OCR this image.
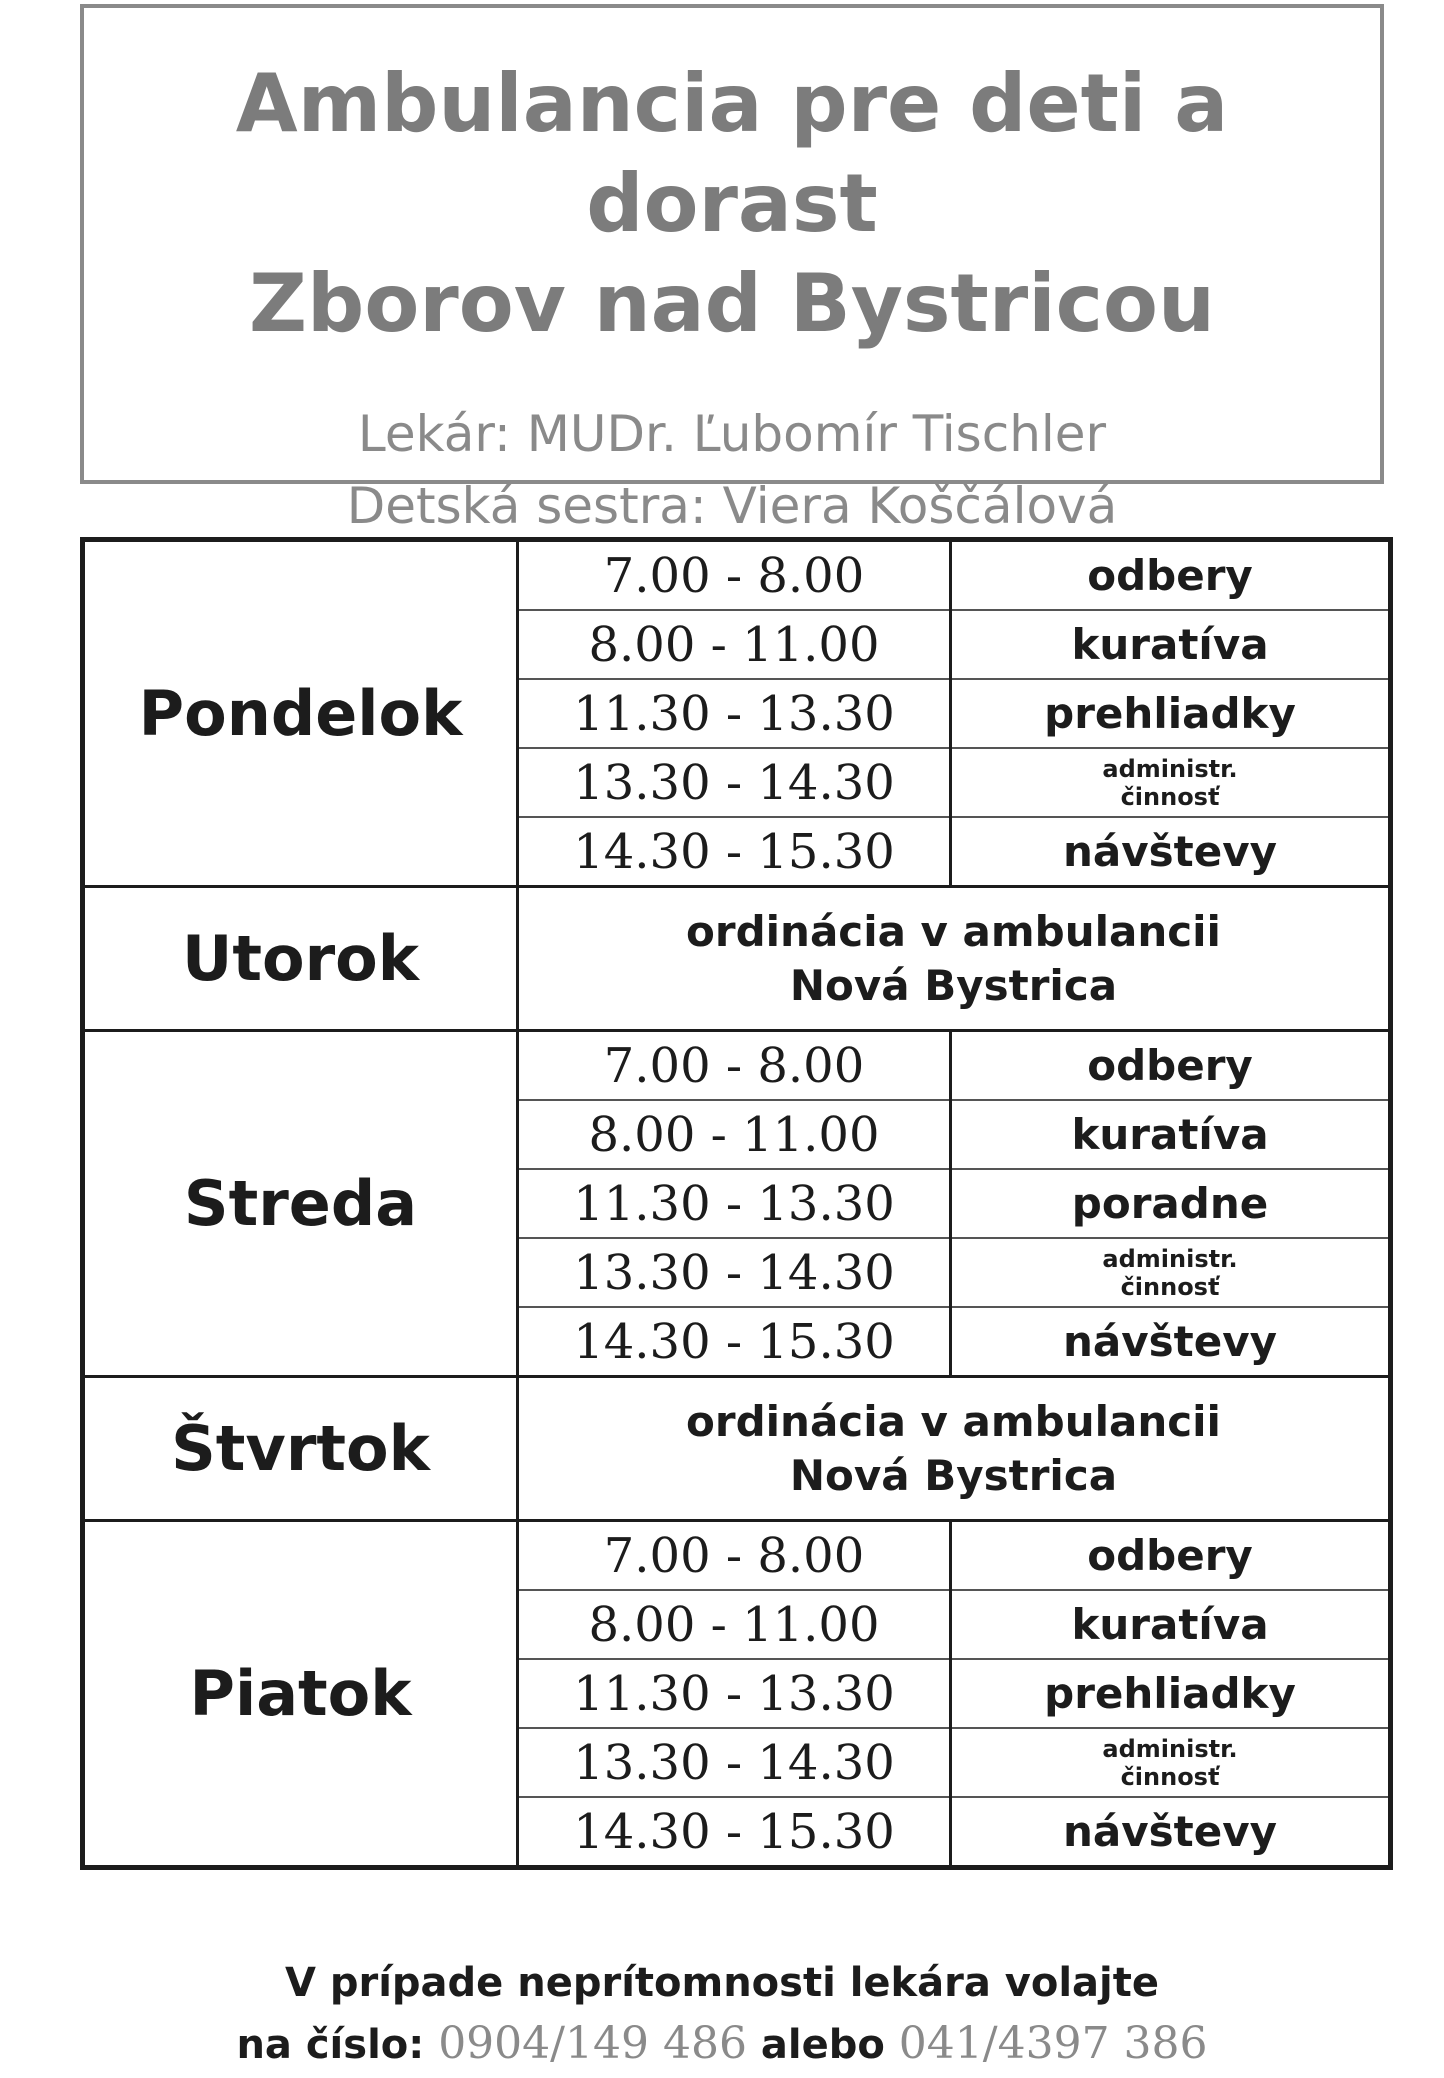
Ambulancia pre deti a dorast
Zborov nad Bystricou
Lekár: MUDr. Ľubomír Tischler
Detská sestra: Viera Koščálová
Pondelok	7.00 - 8.00	odbery
	8.00 - 11.00	kuratíva
	11.30 - 13.30	prehliadky
	13.30 - 14.30	administr.
činnosť

	14.30 - 15.30	návštevy
Utorok	ordinácia v ambulancii
Nová Bystrica	

Streda	7.00 - 8.00	odbery
	8.00 - 11.00	kuratíva
	11.30 - 13.30	poradne
	13.30 - 14.30	administr.
činnosť

	14.30 - 15.30	návštevy
Štvrtok	ordinácia v ambulancii
Nová Bystrica	

Piatok	7.00 - 8.00	odbery
	8.00 - 11.00	kuratíva
	11.30 - 13.30	prehliadky
	13.30 - 14.30	administr.
činnosť

	14.30 - 15.30	návštevy
V prípade neprítomnosti lekára volajte
na číslo: 0904/149 486 alebo 041/4397 386
